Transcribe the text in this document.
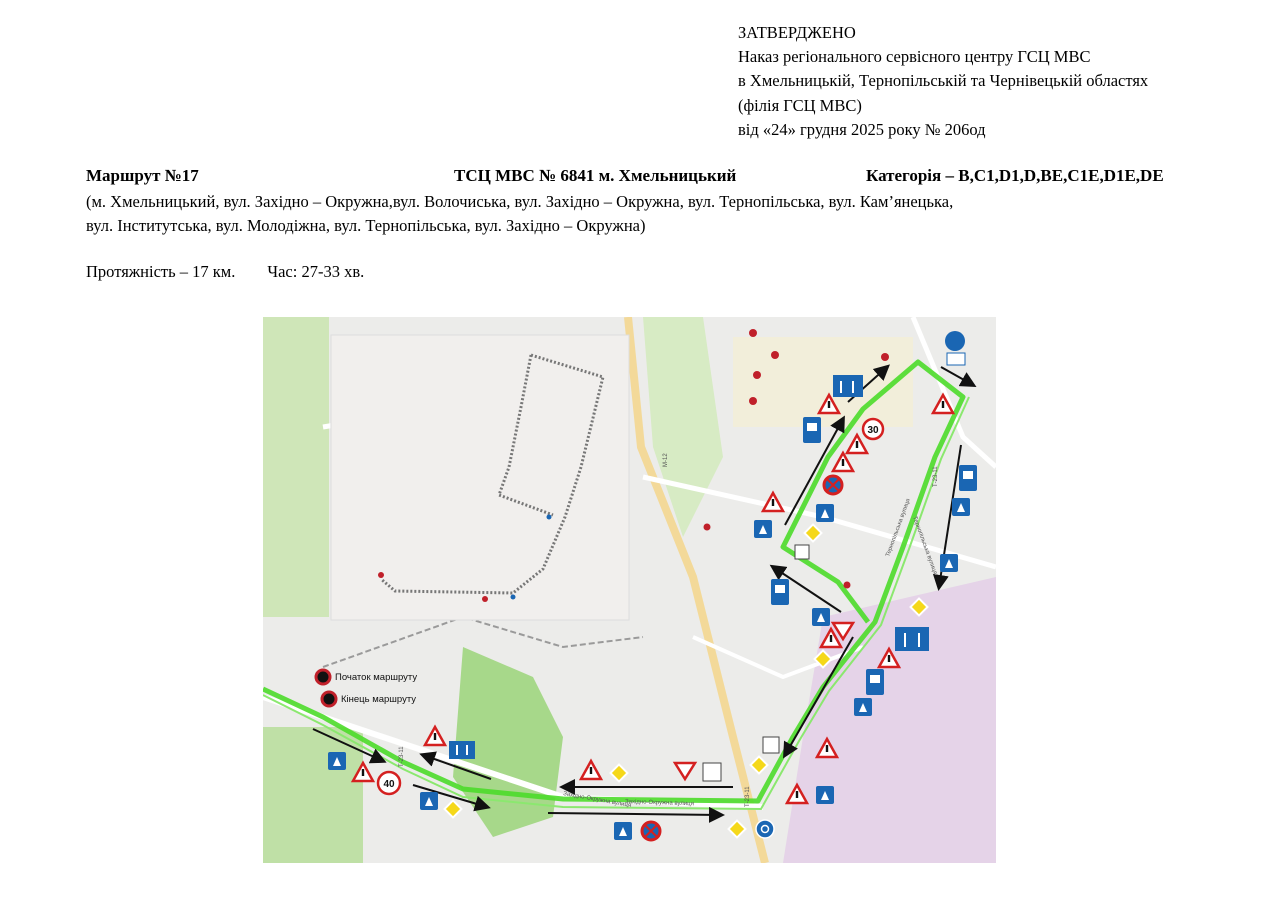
ЗАТВЕРДЖЕНО
Наказ регіонального сервісного центру ГСЦ МВС
в Хмельницькій, Тернопільській та Чернівецькій областях
(філія ГСЦ МВС)
від «24» грудня 2025 року № 206од
Маршрут №17	ТСЦ МВС № 6841 м. Хмельницький	Категорія – B,C1,D1,D,BE,C1E,D1E,DE
(м. Хмельницький, вул. Західно – Окружна,вул. Волочиська, вул. Західно – Окружна, вул. Тернопільська, вул. Кам’янецька,
вул. Інститутська, вул. Молодіжна, вул. Тернопільська, вул. Західно – Окружна)
Протяжність – 17 км. Час: 27-33 хв.
Початок маршруту
Кінець маршруту
Західно-Окружна вулиця
Західно-Окружна вулиця
Тернопільська вулиця Тернопільська вулиця
Т-23-11
Т-23-11
Т-23-11
М-12
30
40
